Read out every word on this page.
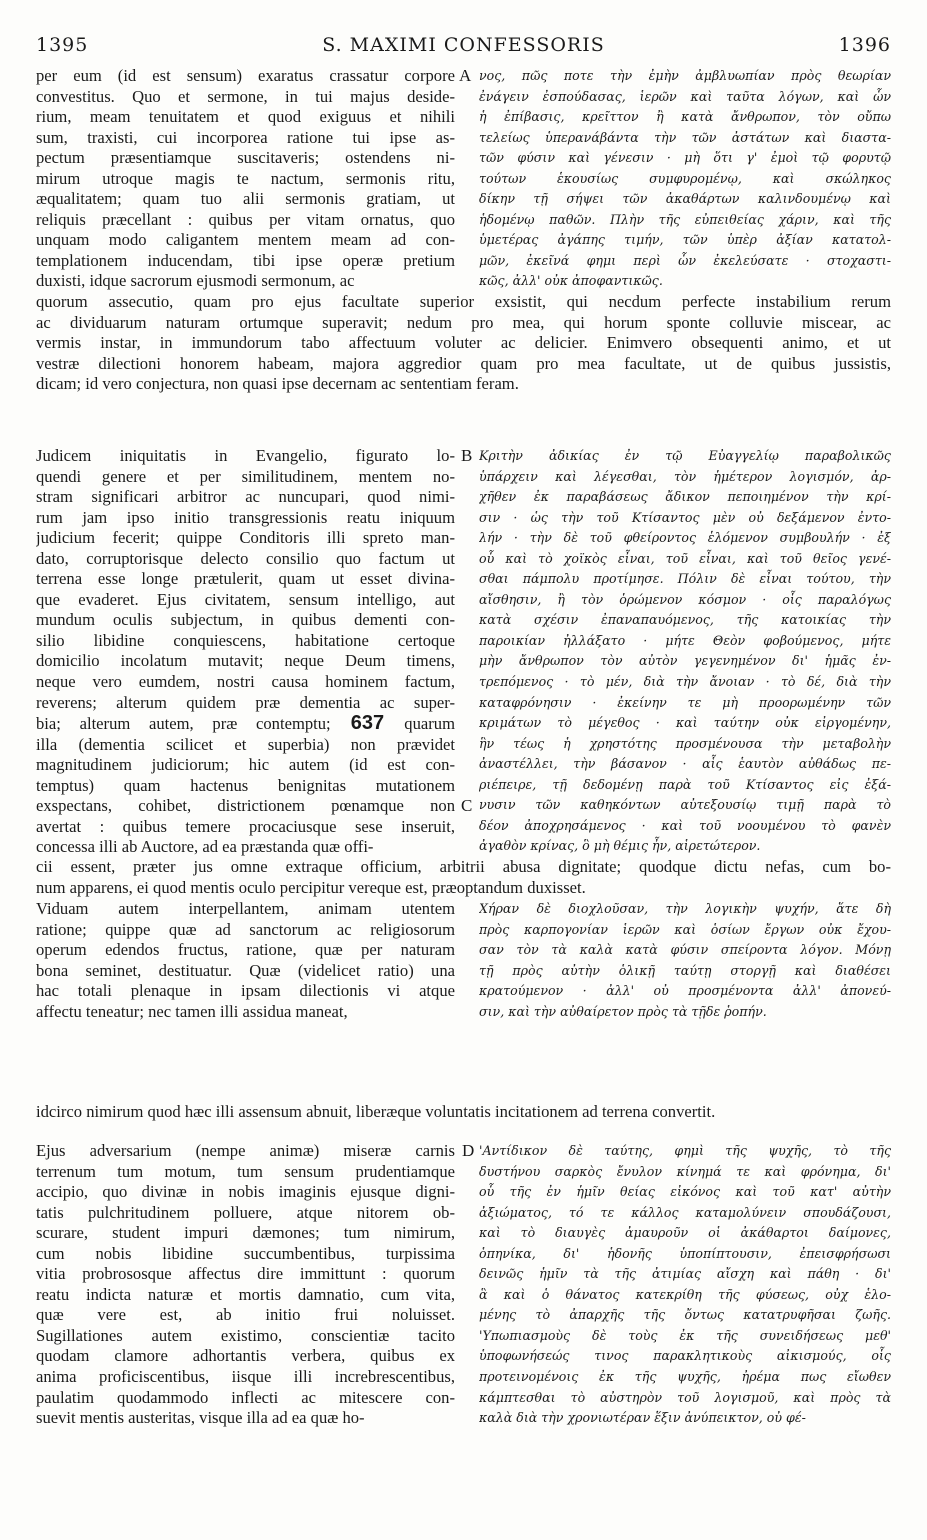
1395	S. MAXIMI CONFESSORIS	1396
A
B
C
D

per eum (id est sensum) exaratus crassatur corpore

convestitus. Quo et sermone, in tui majus deside-

rium, meam tenuitatem et quod exiguus et nihili

sum, traxisti, cui incorporea ratione tui ipse as-

pectum præsentiamque suscitaveris; ostendens ni-

mirum utroque magis te nactum, sermonis ritu,

æqualitatem; quam tuo alii sermonis gratiam, ut

reliquis præcellant : quibus per vitam ornatus, quo

unquam modo caligantem mentem meam ad con-

templationem inducendam, tibi ipse operæ pretium

duxisti, idque sacrorum ejusmodi sermonum, ac

νος, πῶς ποτε τὴν ἐμὴν ἀμβλυωπίαν πρὸς θεωρίαν

ἐνάγειν ἐσπούδασας, ἱερῶν καὶ ταῦτα λόγων, καὶ ὧν

ἡ ἐπίβασις, κρεῖττον ἢ κατὰ ἄνθρωπον, τὸν οὔπω

τελείως ὑπερανάβάντα τὴν τῶν ἀστάτων καὶ διαστα-

τῶν φύσιν καὶ γένεσιν · μὴ ὅτι γ' ἐμοὶ τῷ φορυτῷ

τούτων ἑκουσίως συμφυρομένῳ, καὶ σκώληκος

δίκην τῇ σήψει τῶν ἀκαθάρτων καλινδουμένῳ καὶ

ἡδομένῳ παθῶν. Πλὴν τῆς εὐπειθείας χάριν, καὶ τῆς

ὑμετέρας ἀγάπης τιμήν, τῶν ὑπὲρ ἀξίαν κατατολ-

μῶν, ἐκεῖνά φημι περὶ ὧν ἐκελεύσατε · στοχαστι-

κῶς, ἀλλ' οὐκ ἀποφαντικῶς.

quorum assecutio, quam pro ejus facultate superior exsistit, qui necdum perfecte instabilium rerum

ac dividuarum naturam ortumque superavit; nedum pro mea, qui horum sponte colluvie miscear, ac

vermis instar, in immundorum tabo affectuum voluter ac delicier. Enimvero obsequenti animo, et ut

vestræ dilectioni honorem habeam, majora aggredior quam pro mea facultate, ut de quibus jussistis,

dicam; id vero conjectura, non quasi ipse decernam ac sententiam feram.

Judicem iniquitatis in Evangelio, figurato lo-

quendi genere et per similitudinem, mentem no-

stram significari arbitror ac nuncupari, quod nimi-

rum jam ipso initio transgressionis reatu iniquum

judicium fecerit; quippe Conditoris illi spreto man-

dato, corruptorisque delecto consilio quo factum ut

terrena esse longe prætulerit, quam ut esset divina-

que evaderet. Ejus civitatem, sensum intelligo, aut

mundum oculis subjectum, in quibus dementi con-

silio libidine conquiescens, habitatione certoque

domicilio incolatum mutavit; neque Deum timens,

neque vero eumdem, nostri causa hominem factum,

reverens; alterum quidem præ dementia ac super-

bia; alterum autem, præ contemptu; 637 quarum

illa (dementia scilicet et superbia) non prævidet

magnitudinem judiciorum; hic autem (id est con-

temptus) quam hactenus benignitas mutationem

exspectans, cohibet, districtionem pœnamque non

avertat : quibus temere procaciusque sese inseruit,

concessa illi ab Auctore, ad ea præstanda quæ offi-

Κριτὴν ἀδικίας ἐν τῷ Εὐαγγελίῳ παραβολικῶς

ὑπάρχειν καὶ λέγεσθαι, τὸν ἡμέτερον λογισμόν, ἀρ-

χῆθεν ἐκ παραβάσεως ἄδικον πεποιημένον τὴν κρί-

σιν · ὡς τὴν τοῦ Κτίσαντος μὲν οὐ δεξάμενον ἐντο-

λήν · τὴν δὲ τοῦ φθείροντος ἑλόμενον συμβουλήν · ἐξ

οὗ καὶ τὸ χοϊκὸς εἶναι, τοῦ εἶναι, καὶ τοῦ θεῖος γενέ-

σθαι πάμπολυ προτίμησε. Πόλιν δὲ εἶναι τούτου, τὴν

αἴσθησιν, ἢ τὸν ὁρώμενον κόσμον · οἷς παραλόγως

κατὰ σχέσιν ἐπαναπαυόμενος, τῆς κατοικίας τὴν

παροικίαν ἠλλάξατο · μήτε Θεὸν φοβούμενος, μήτε

μὴν ἄνθρωπον τὸν αὐτὸν γεγενημένον δι' ἡμᾶς ἐν-

τρεπόμενος · τὸ μέν, διὰ τὴν ἄνοιαν · τὸ δέ, διὰ τὴν

καταφρόνησιν · ἐκείνην τε μὴ προορωμένην τῶν

κριμάτων τὸ μέγεθος · καὶ ταύτην οὐκ εἰργομένην,

ἣν τέως ἡ χρηστότης προσμένουσα τὴν μεταβολὴν

ἀναστέλλει, τὴν βάσανον · αἷς ἑαυτὸν αὐθάδως πε-

ριέπειρε, τῇ δεδομένῃ παρὰ τοῦ Κτίσαντος εἰς ἐξά-

νυσιν τῶν καθηκόντων αὐτεξουσίῳ τιμῇ παρὰ τὸ

δέον ἀποχρησάμενος · καὶ τοῦ νοουμένου τὸ φανὲν

ἀγαθὸν κρίνας, ὃ μὴ θέμις ἦν, αἱρετώτερον.

cii essent, præter jus omne extraque officium, arbitrii abusa dignitate; quodque dictu nefas, cum bo-

num apparens, ei quod mentis oculo percipitur vereque est, præoptandum duxisset.

Viduam autem interpellantem, animam utentem

ratione; quippe quæ ad sanctorum ac religiosorum

operum edendos fructus, ratione, quæ per naturam

bona seminet, destituatur. Quæ (videlicet ratio) una

hac totali plenaque in ipsam dilectionis vi atque

affectu teneatur; nec tamen illi assidua maneat,

Χήραν δὲ διοχλοῦσαν, τὴν λογικὴν ψυχήν, ἅτε δὴ

πρὸς καρπογονίαν ἱερῶν καὶ ὁσίων ἔργων οὐκ ἔχου-

σαν τὸν τὰ καλὰ κατὰ φύσιν σπείροντα λόγον. Μόνῃ

τῇ πρὸς αὐτὴν ὁλικῇ ταύτῃ στοργῇ καὶ διαθέσει

κρατούμενον · ἀλλ' οὐ προσμένοντα ἀλλ' ἀπονεύ-

σιν, καὶ τὴν αὐθαίρετον πρὸς τὰ τῇδε ῥοπήν.

idcirco nimirum quod hæc illi assensum abnuit, liberæque voluntatis incitationem ad terrena convertit.

Ejus adversarium (nempe animæ) miseræ carnis

terrenum tum motum, tum sensum prudentiamque

accipio, quo divinæ in nobis imaginis ejusque digni-

tatis pulchritudinem polluere, atque nitorem ob-

scurare, student impuri dæmones; tum nimirum,

cum nobis libidine succumbentibus, turpissima

vitia probrososque affectus dire immittunt : quorum

reatu indicta naturæ et mortis damnatio, cum vita,

quæ vere est, ab initio frui noluisset.

Sugillationes autem existimo, conscientiæ tacito

quodam clamore adhortantis verbera, quibus ex

anima proficiscentibus, iisque illi increbrescentibus,

paulatim quodammodo inflecti ac mitescere con-

suevit mentis austeritas, visque illa ad ea quæ ho-

'Αντίδικον δὲ ταύτης, φημὶ τῆς ψυχῆς, τὸ τῆς

δυστήνου σαρκὸς ἔνυλον κίνημά τε καὶ φρόνημα, δι'

οὗ τῆς ἐν ἡμῖν θείας εἰκόνος καὶ τοῦ κατ' αὐτὴν

ἀξιώματος, τό τε κάλλος καταμολύνειν σπουδάζουσι,

καὶ τὸ διαυγὲς ἀμαυροῦν οἱ ἀκάθαρτοι δαίμονες,

ὁπηνίκα, δι' ἡδονῆς ὑποπίπτουσιν, ἐπεισφρήσωσι

δεινῶς ἡμῖν τὰ τῆς ἀτιμίας αἴσχη καὶ πάθη · δι'

ἃ καὶ ὁ θάνατος κατεκρίθη τῆς φύσεως, οὐχ ἑλο-

μένης τὸ ἀπαρχῆς τῆς ὄντως κατατρυφῆσαι ζωῆς.

'Υπωπιασμοὺς δὲ τοὺς ἐκ τῆς συνειδήσεως μεθ'

ὑποφωνήσεώς τινος παρακλητικοὺς αἰκισμούς, οἷς

προτεινομένοις ἐκ τῆς ψυχῆς, ἠρέμα πως εἴωθεν

κάμπτεσθαι τὸ αὐστηρὸν τοῦ λογισμοῦ, καὶ πρὸς τὰ

καλὰ διὰ τὴν χρονιωτέραν ἕξιν ἀνύπεικτον, οὐ φέ-
